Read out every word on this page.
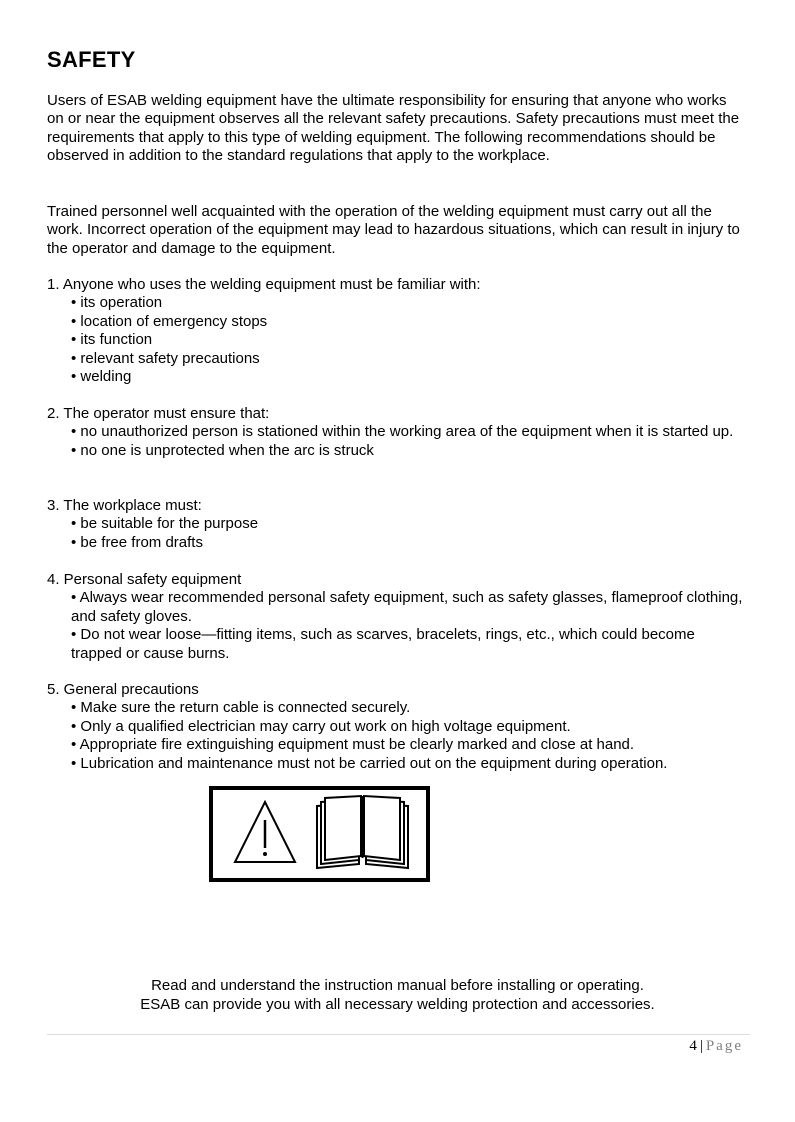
SAFETY

Users of ESAB welding equipment have the ultimate responsibility for ensuring that anyone who works on or near the equipment observes all the relevant safety precautions. Safety precautions must meet the requirements that apply to this type of welding equipment. The following recommendations should be observed in addition to the standard regulations that apply to the workplace.

Trained personnel well acquainted with the operation of the welding equipment must carry out all the work. Incorrect operation of the equipment may lead to hazardous situations, which can result in injury to the operator and damage to the equipment.

1. Anyone who uses the welding equipment must be familiar with:
• its operation
• location of emergency stops
• its function
• relevant safety precautions
• welding
2. The operator must ensure that:
• no unauthorized person is stationed within the working area of the equipment when it is started up.
• no one is unprotected when the arc is struck
3. The workplace must:
• be suitable for the purpose
• be free from drafts
4. Personal safety equipment
• Always wear recommended personal safety equipment, such as safety glasses, flameproof clothing, and safety gloves.
• Do not wear loose—fitting items, such as scarves, bracelets, rings, etc., which could become trapped or cause burns.
5. General precautions
• Make sure the return cable is connected securely.
• Only a qualified electrician may carry out work on high voltage equipment.
• Appropriate fire extinguishing equipment must be clearly marked and close at hand.
• Lubrication and maintenance must not be carried out on the equipment during operation.
Read and understand the instruction manual before installing or operating.
ESAB can provide you with all necessary welding protection and accessories.
4 | Page
